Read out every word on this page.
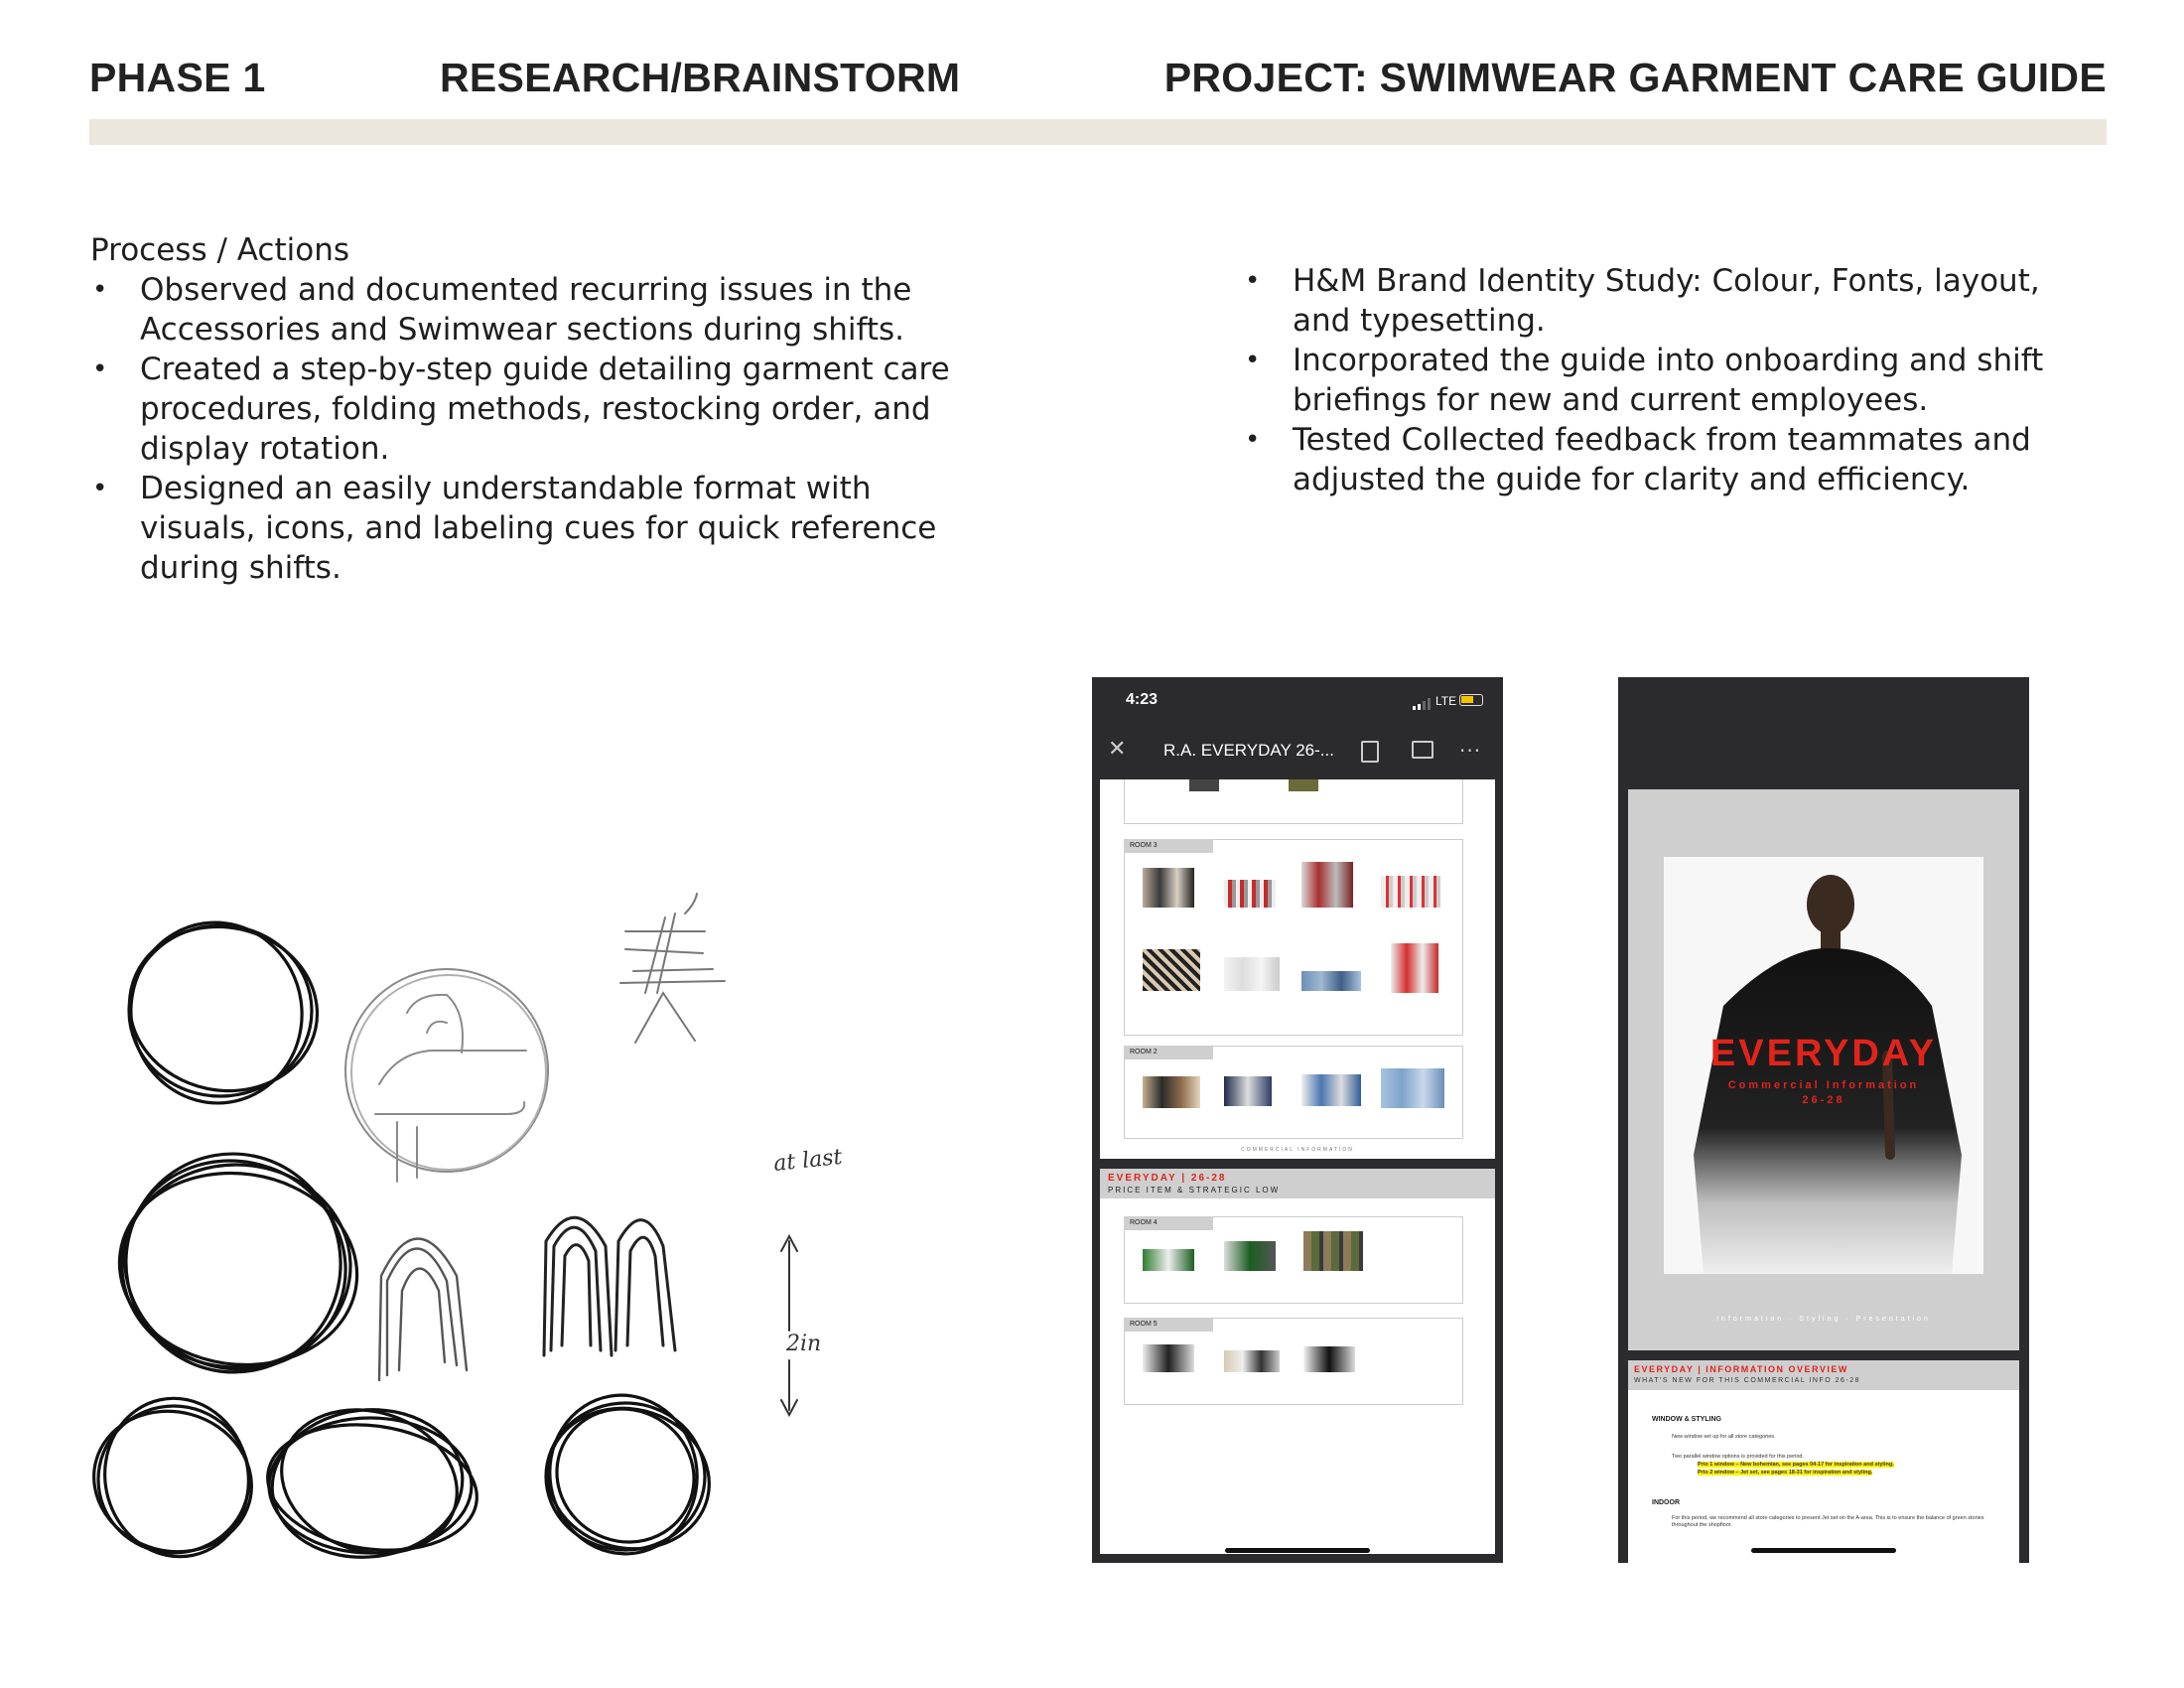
PHASE 1	RESEARCH/BRAINSTORM	PROJECT: SWIMWEAR GARMENT CARE GUIDE
Process / Actions
• Observed and documented recurring issues in the Accessories and Swimwear sections during shifts.
• Created a step-by-step guide detailing garment care procedures, folding methods, restocking order, and display rotation.
• Designed an easily understandable format with visuals, icons, and labeling cues for quick reference during shifts.
• H&M Brand Identity Study: Colour, Fonts, layout, and typesetting.
• Incorporated the guide into onboarding and shift briefings for new and current employees.
• Tested Collected feedback from teammates and adjusted the guide for clarity and efficiency.
at last
2in
4:23	LTE
✕ R.A. EVERYDAY 26-...	···
ROOM 3
ROOM 2
COMMERCIAL INFORMATION
EVERYDAY | 26-28
PRICE ITEM & STRATEGIC LOW
ROOM 4
ROOM 5
EVERYDAY
Commercial Information
26-28
Information · Styling · Presentation
EVERYDAY | INFORMATION OVERVIEW
WHAT'S NEW FOR THIS COMMERCIAL INFO 26-28
WINDOW & STYLING
New window set up for all store categories.
Two parallel window options is provided for this period.
Prio 1 window – New bohemian, see pages 04-17 for inspiration and styling.
Prio 2 window – Jet set, see pages 18-31 for inspiration and styling.
INDOOR
For this period, we recommend all store categories to present Jet set on the A-area. This is to ensure the balance of green stories throughout the shopfloor.
